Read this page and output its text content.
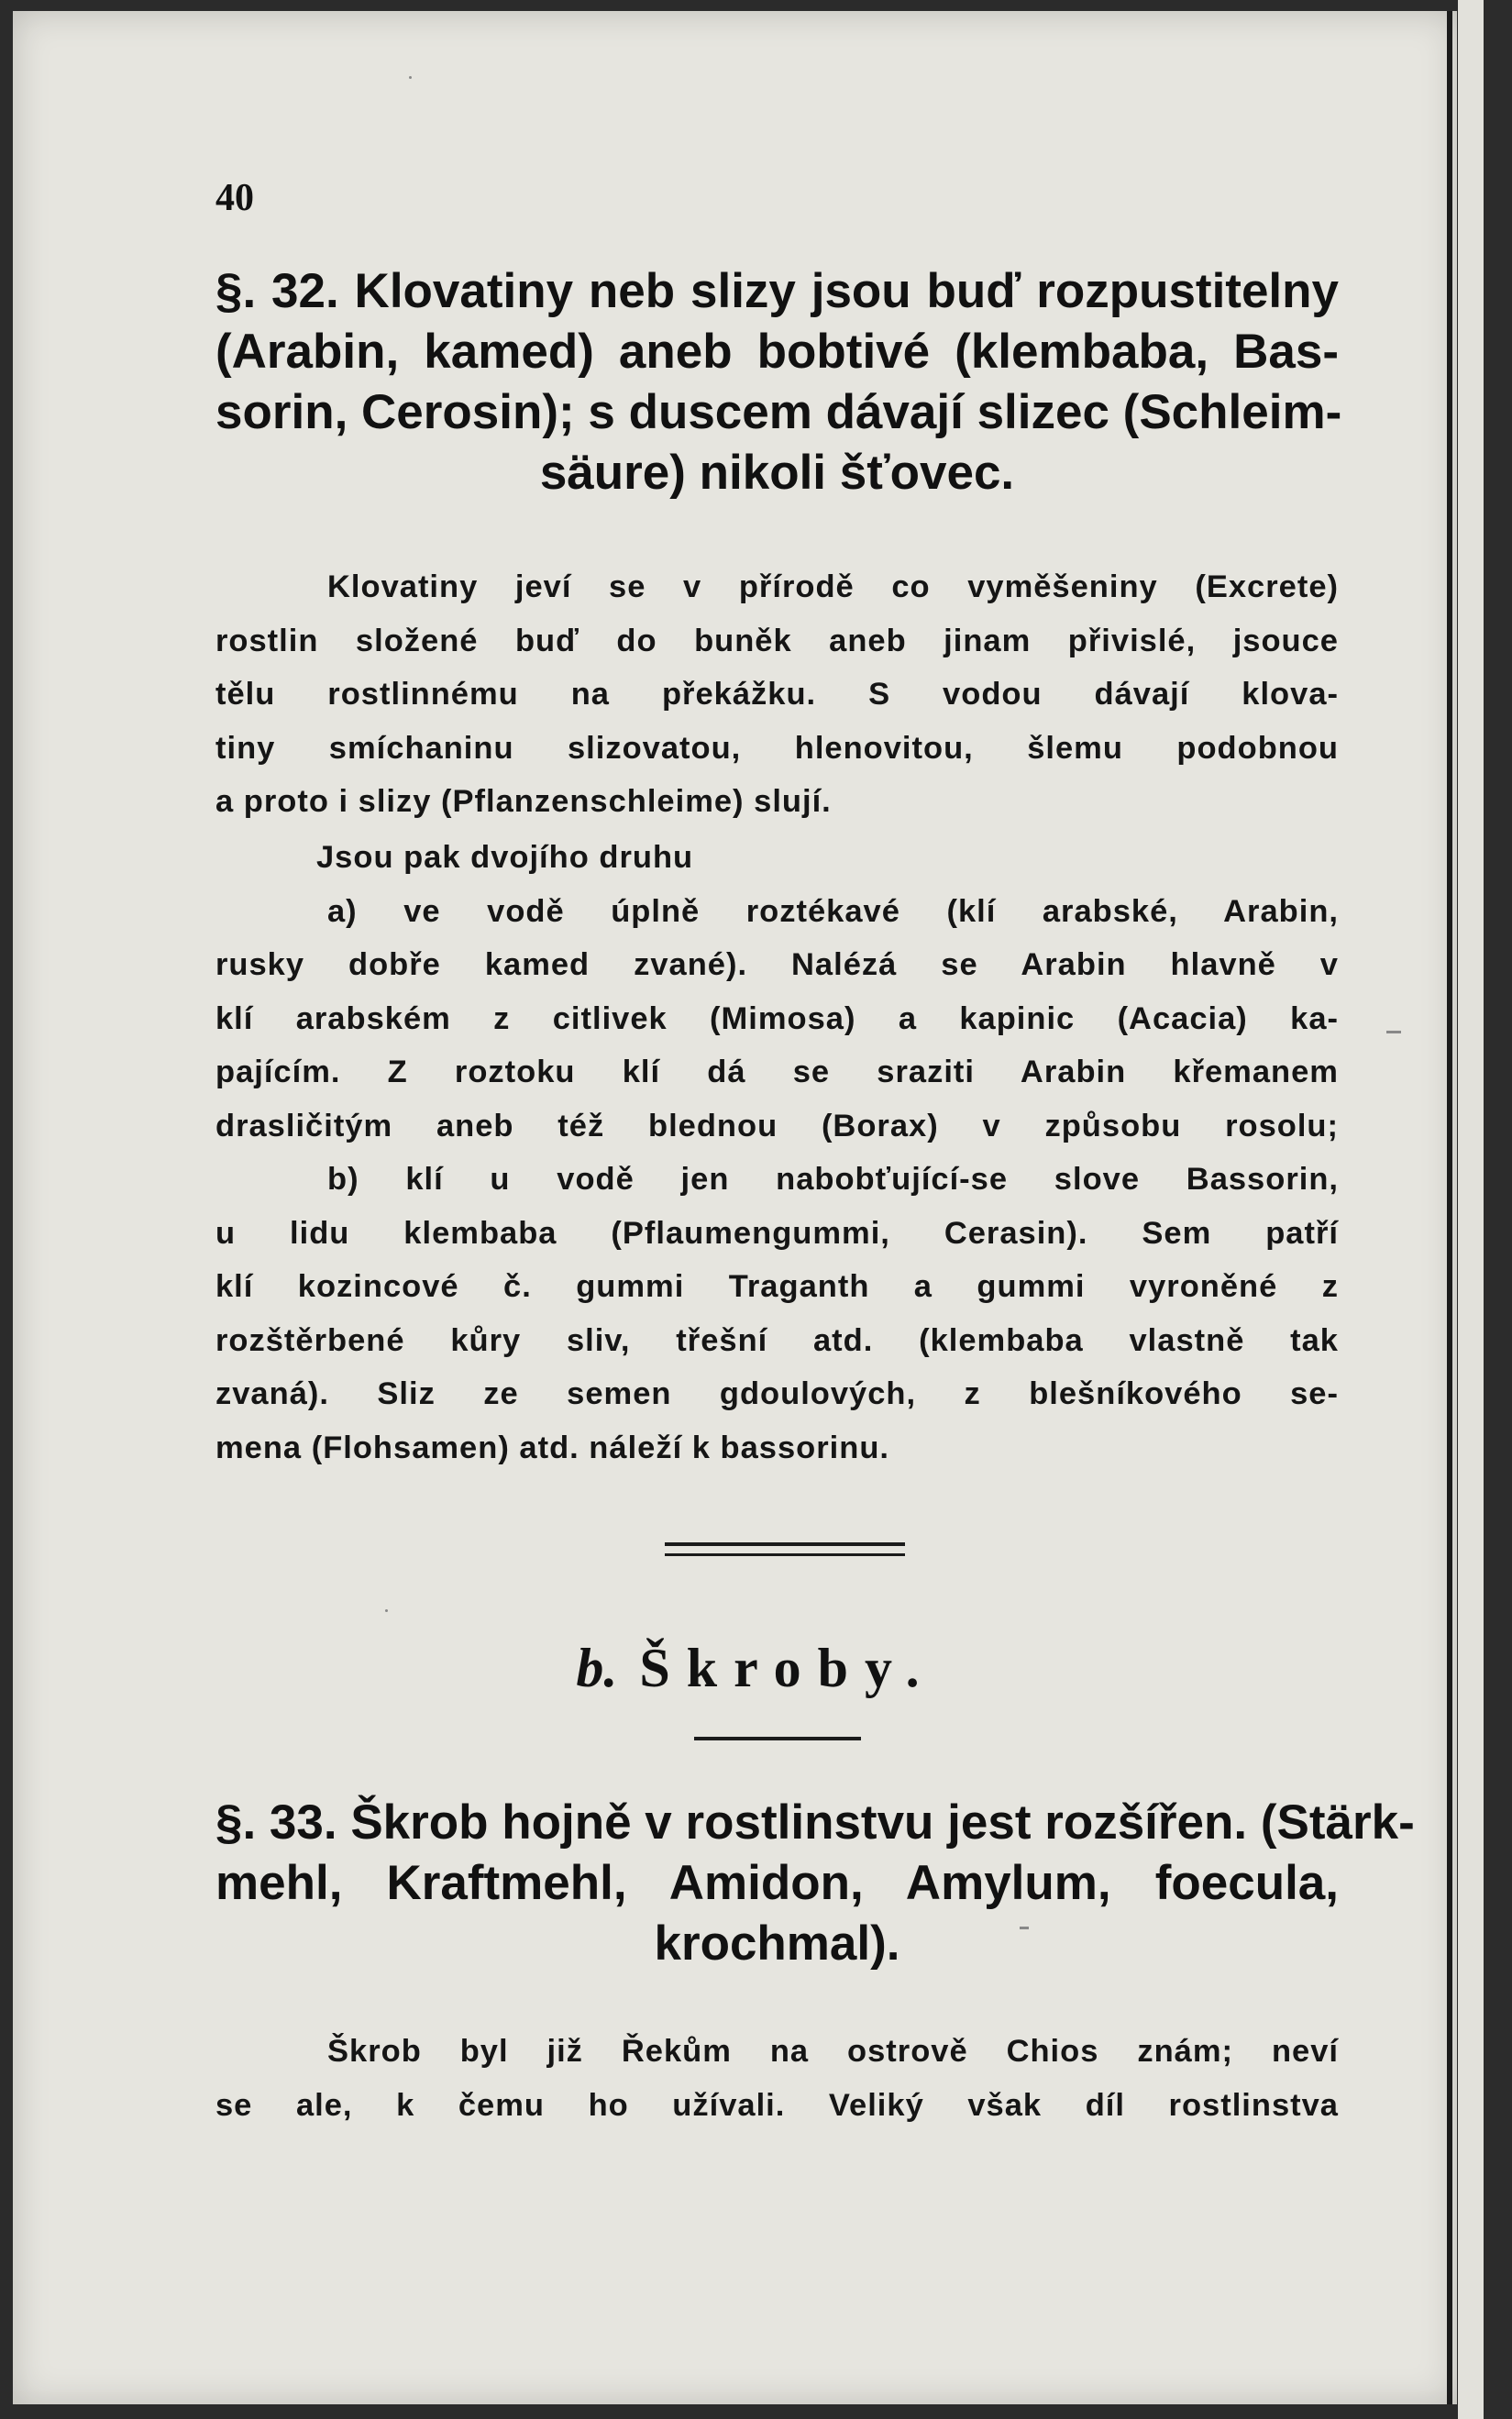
40
§. 32. Klovatiny neb slizy jsou buď rozpustitelny
(Arabin, kamed) aneb bobtivé (klembaba, Bas-
sorin, Cerosin); s duscem dávají slizec (Schleim-
säure) nikoli šťovec.
Klovatiny jeví se v přírodě co vyměšeniny (Excrete)
rostlin složené buď do buněk aneb jinam přivislé, jsouce
tělu rostlinnému na překážku. S vodou dávají klova-
tiny smíchaninu slizovatou, hlenovitou, šlemu podobnou
a proto i slizy (Pflanzenschleime) slují.
Jsou pak dvojího druhu
a) ve vodě úplně roztékavé (klí arabské, Arabin,
rusky dobře kamed zvané). Nalézá se Arabin hlavně v
klí arabském z citlivek (Mimosa) a kapinic (Acacia) ka-
pajícím. Z roztoku klí dá se sraziti Arabin křemanem
drasličitým aneb též blednou (Borax) v způsobu rosolu;
b) klí u vodě jen nabobťující-se slove Bassorin,
u lidu klembaba (Pflaumengummi, Cerasin). Sem patří
klí kozincové č. gummi Traganth a gummi vyroněné z
rozštěrbené kůry sliv, třešní atd. (klembaba vlastně tak
zvaná). Sliz ze semen gdoulových, z blešníkového se-
mena (Flohsamen) atd. náleží k bassorinu.
b. Škroby.
§. 33. Škrob hojně v rostlinstvu jest rozšířen. (Stärk-
mehl, Kraftmehl, Amidon, Amylum, foecula,
krochmal).
Škrob byl již Řekům na ostrově Chios znám; neví
se ale, k čemu ho užívali. Veliký však díl rostlinstva
